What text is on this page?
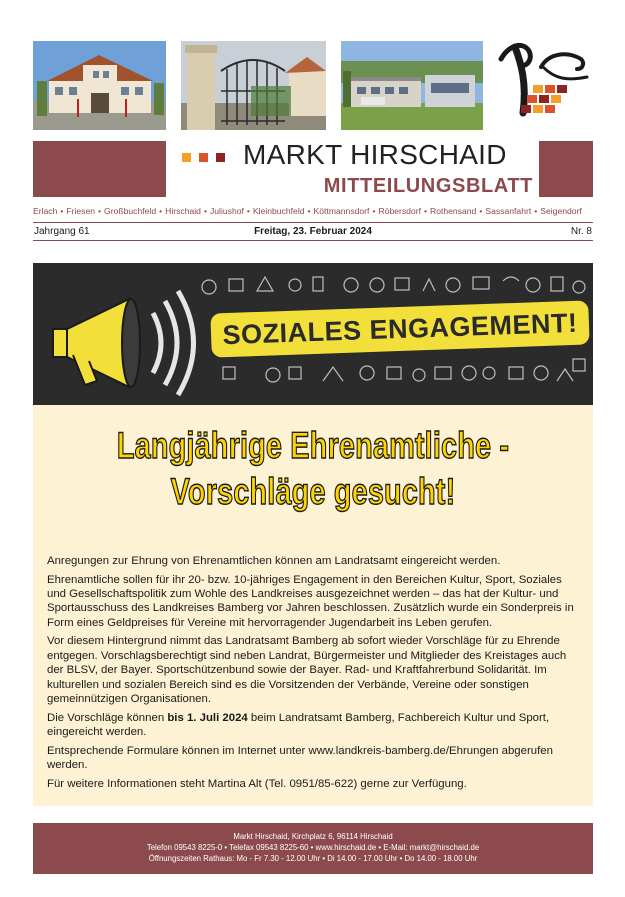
MARKT HIRSCHAID
MITTEILUNGSBLATT
Erlach • Friesen • Großbuchfeld • Hirschaid • Juliushof • Kleinbuchfeld • Köttmannsdorf • Röbersdorf • Rothensand • Sassanfahrt • Seigendorf
Jahrgang 61	Freitag, 23. Februar 2024	Nr. 8
SOZIALES ENGAGEMENT!
Langjährige Ehrenamtliche -
Vorschläge gesucht!

Anregungen zur Ehrung von Ehrenamtlichen können am Landratsamt eingereicht werden.

Ehrenamtliche sollen für ihr 20- bzw. 10-jähriges Engagement in den Bereichen Kultur, Sport, Soziales und Gesellschaftspolitik zum Wohle des Landkreises ausgezeichnet werden – das hat der Kultur- und Sportausschuss des Landkreises Bamberg vor Jahren beschlossen. Zusätzlich wurde ein Sonderpreis in Form eines Geldpreises für Vereine mit hervorragender Jugendarbeit ins Leben gerufen.

Vor diesem Hintergrund nimmt das Landratsamt Bamberg ab sofort wieder Vorschläge für zu Ehrende entgegen. Vorschlagsberechtigt sind neben Landrat, Bürgermeister und Mitglieder des Kreistages auch der BLSV, der Bayer. Sportschützenbund sowie der Bayer. Rad- und Kraftfahrerbund Solidarität. Im kulturellen und sozialen Bereich sind es die Vorsitzenden der Verbände, Vereine oder sonstigen gemeinnützigen Organisationen.

Die Vorschläge können bis 1. Juli 2024 beim Landratsamt Bamberg, Fachbereich Kultur und Sport, eingereicht werden.

Entsprechende Formulare können im Internet unter www.landkreis-bamberg.de/Ehrungen abgerufen werden.

Für weitere Informationen steht Martina Alt (Tel. 0951/85-622) gerne zur Verfügung.

Markt Hirschaid, Kirchplatz 6, 96114 Hirschaid
Telefon 09543 8225-0 • Telefax 09543 8225-60 • www.hirschaid.de • E-Mail: markt@hirschaid.de
Öffnungszeiten Rathaus: Mo - Fr 7.30 - 12.00 Uhr • Di 14.00 - 17.00 Uhr • Do 14.00 - 18.00 Uhr
